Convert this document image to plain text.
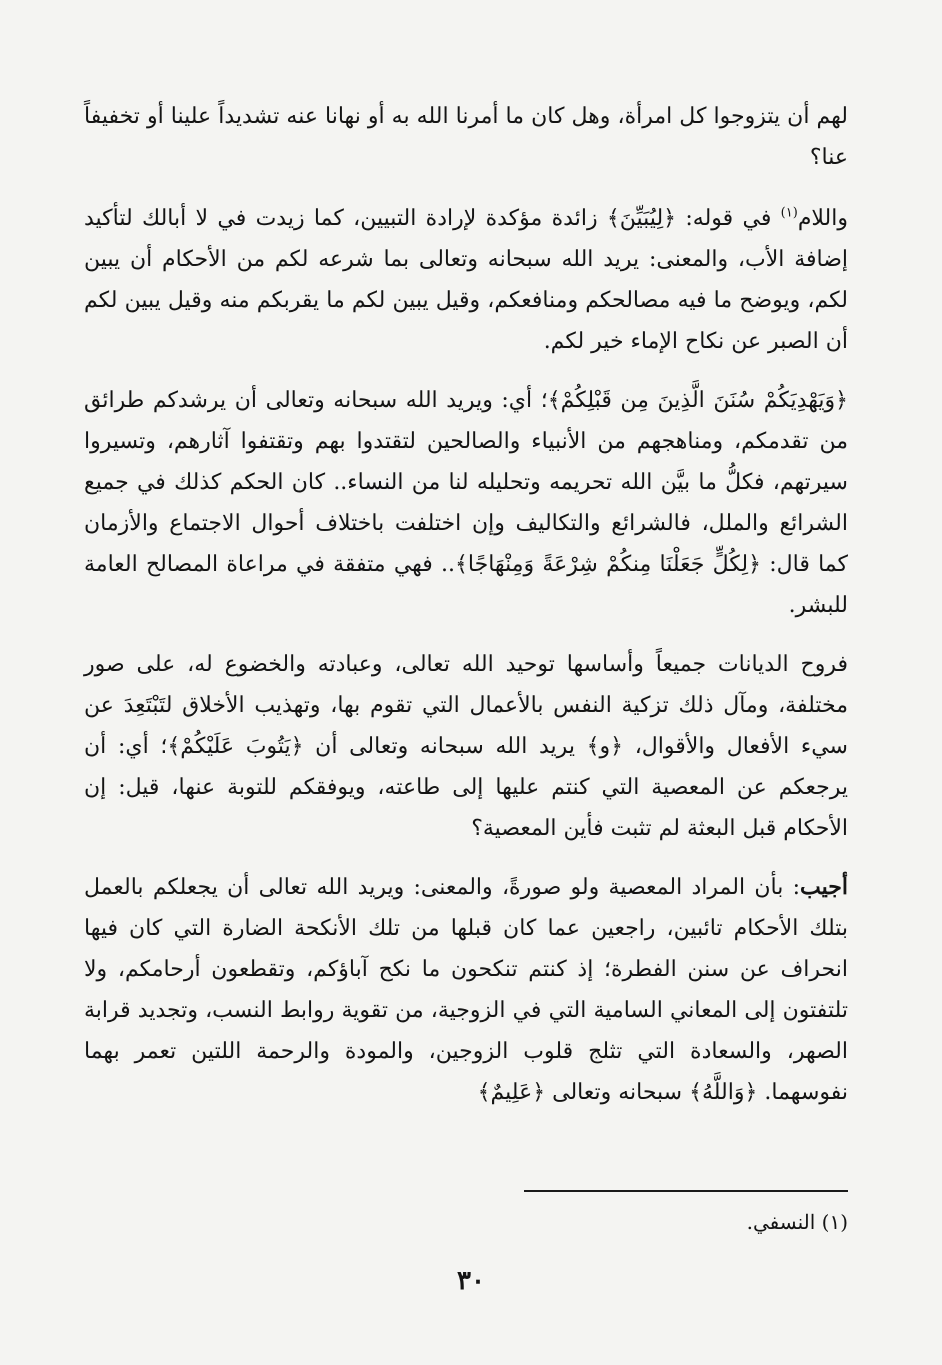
لهم أن يتزوجوا كل امرأة، وهل كان ما أمرنا الله به أو نهانا عنه تشديداً علينا أو تخفيفاً عنا؟

واللام$^{(١)}$ في قوله: ﴿لِيُبَيِّنَ﴾ زائدة مؤكدة لإرادة التبيين، كما زيدت في لا أبالك لتأكيد إضافة الأب، والمعنى: يريد الله سبحانه وتعالى بما شرعه لكم من الأحكام أن يبين لكم، ويوضح ما فيه مصالحكم ومنافعكم، وقيل يبين لكم ما يقربكم منه وقيل يبين لكم أن الصبر عن نكاح الإماء خير لكم.

﴿وَيَهْدِيَكُمْ سُنَنَ الَّذِينَ مِن قَبْلِكُمْ﴾؛ أي: ويريد الله سبحانه وتعالى أن يرشدكم طرائق من تقدمكم، ومناهجهم من الأنبياء والصالحين لتقتدوا بهم وتقتفوا آثارهم، وتسيروا سيرتهم، فكلُّ ما بيَّن الله تحريمه وتحليله لنا من النساء.. كان الحكم كذلك في جميع الشرائع والملل، فالشرائع والتكاليف وإن اختلفت باختلاف أحوال الاجتماع والأزمان كما قال: ﴿لِكُلٍّ جَعَلْنَا مِنكُمْ شِرْعَةً وَمِنْهَاجًا﴾.. فهي متفقة في مراعاة المصالح العامة للبشر.

فروح الديانات جميعاً وأساسها توحيد الله تعالى، وعبادته والخضوع له، على صور مختلفة، ومآل ذلك تزكية النفس بالأعمال التي تقوم بها، وتهذيب الأخلاق لتَبْتَعِدَ عن سيء الأفعال والأقوال، ﴿و﴾ يريد الله سبحانه وتعالى أن ﴿يَتُوبَ عَلَيْكُمْ﴾؛ أي: أن يرجعكم عن المعصية التي كنتم عليها إلى طاعته، ويوفقكم للتوبة عنها، قيل: إن الأحكام قبل البعثة لم تثبت فأين المعصية؟

أجيب: بأن المراد المعصية ولو صورةً، والمعنى: ويريد الله تعالى أن يجعلكم بالعمل بتلك الأحكام تائبين، راجعين عما كان قبلها من تلك الأنكحة الضارة التي كان فيها انحراف عن سنن الفطرة؛ إذ كنتم تنكحون ما نكح آباؤكم، وتقطعون أرحامكم، ولا تلتفتون إلى المعاني السامية التي في الزوجية، من تقوية روابط النسب، وتجديد قرابة الصهر، والسعادة التي تثلج قلوب الزوجين، والمودة والرحمة اللتين تعمر بهما نفوسهما. ﴿وَاللَّهُ﴾ سبحانه وتعالى ﴿عَلِيمٌ﴾

(١) النسفي.
٣٠
